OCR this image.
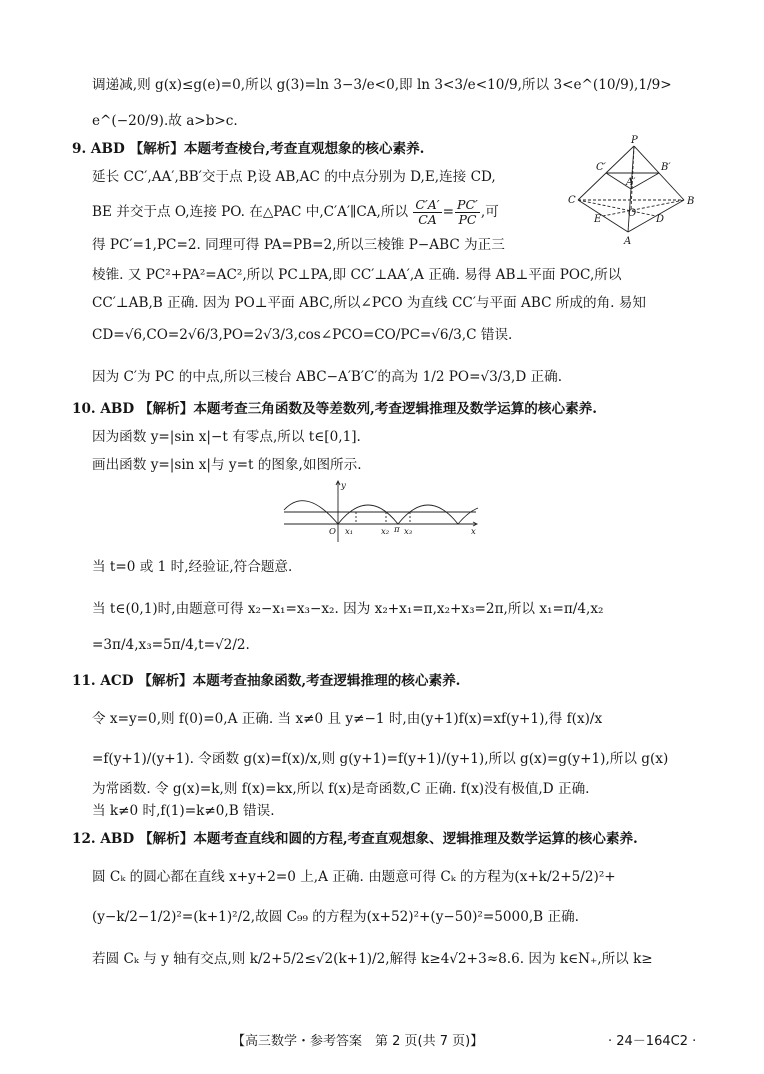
调递减,则 g(x)≤g(e)=0,所以 g(3)=ln 3−3/e<0,即 ln 3<3/e<10/9,所以 3<e^(10/9),1/9>
e^(−20/9).故 a>b>c.
9. ABD 【解析】本题考查棱台,考查直观想象的核心素养.
延长 CC′,AA′,BB′交于点 P,设 AB,AC 的中点分别为 D,E,连接 CD,
BE 并交于点 O,连接 PO. 在△PAC 中,C′A′∥CA,所以 $\frac{C'A'}{CA} = \frac{PC'}{PC}$ ,可
得 PC′=1,PC=2. 同理可得 PA=PB=2,所以三棱锥 P−ABC 为正三
棱锥. 又 PC²+PA²=AC²,所以 PC⊥PA,即 CC′⊥AA′,A 正确. 易得 AB⊥平面 POC,所以
CC′⊥AB,B 正确. 因为 PO⊥平面 ABC,所以∠PCO 为直线 CC′与平面 ABC 所成的角. 易知
CD=√6,CO=2√6/3,PO=2√3/3,cos∠PCO=CO/PC=√6/3,C 错误.
因为 C′为 PC 的中点,所以三棱台 ABC−A′B′C′的高为 1/2 PO=√3/3,D 正确.
P
C′	B′
A′
C	B
E
O
D
A
10. ABD 【解析】本题考查三角函数及等差数列,考查逻辑推理及数学运算的核心素养.
因为函数 y=|sin x|−t 有零点,所以 t∈[0,1].
画出函数 y=|sin x|与 y=t 的图象,如图所示.
y
O	x
x₁	x₂ π x₃
当 t=0 或 1 时,经验证,符合题意.
当 t∈(0,1)时,由题意可得 x₂−x₁=x₃−x₂. 因为 x₂+x₁=π,x₂+x₃=2π,所以 x₁=π/4,x₂
=3π/4,x₃=5π/4,t=√2/2.
11. ACD 【解析】本题考查抽象函数,考查逻辑推理的核心素养.
令 x=y=0,则 f(0)=0,A 正确. 当 x≠0 且 y≠−1 时,由(y+1)f(x)=xf(y+1),得 f(x)/x
=f(y+1)/(y+1). 令函数 g(x)=f(x)/x,则 g(y+1)=f(y+1)/(y+1),所以 g(x)=g(y+1),所以 g(x)
为常函数. 令 g(x)=k,则 f(x)=kx,所以 f(x)是奇函数,C 正确. f(x)没有极值,D 正确.
当 k≠0 时,f(1)=k≠0,B 错误.
12. ABD 【解析】本题考查直线和圆的方程,考查直观想象、逻辑推理及数学运算的核心素养.
圆 Cₖ 的圆心都在直线 x+y+2=0 上,A 正确. 由题意可得 Cₖ 的方程为(x+k/2+5/2)²+
(y−k/2−1/2)²=(k+1)²/2,故圆 C₉₉ 的方程为(x+52)²+(y−50)²=5000,B 正确.
若圆 Cₖ 与 y 轴有交点,则 k/2+5/2≤√2(k+1)/2,解得 k≥4√2+3≈8.6. 因为 k∈N₊,所以 k≥
【高三数学・参考答案　第 2 页(共 7 页)】	· 24－164C2 ·
